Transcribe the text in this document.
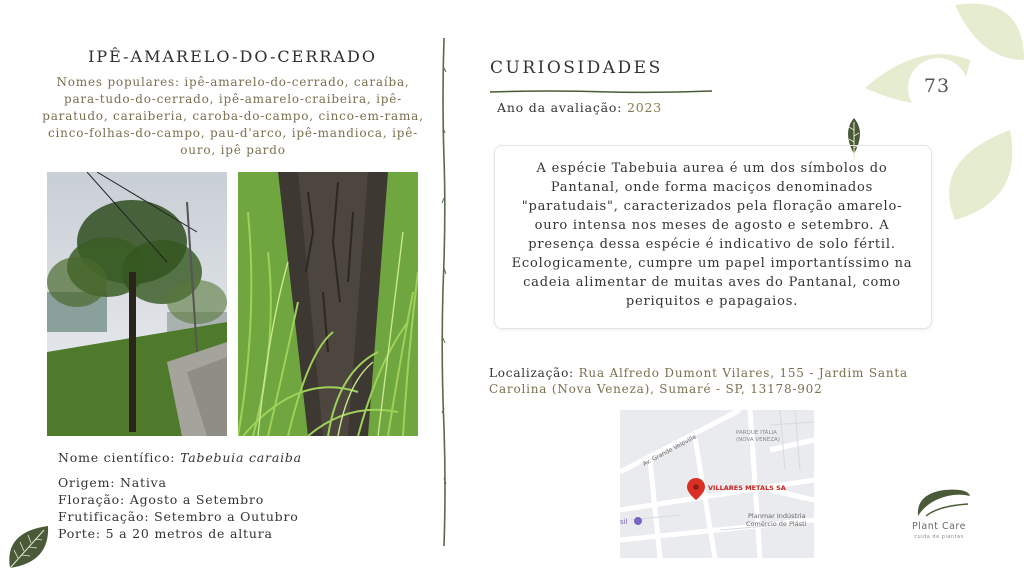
IPÊ-AMARELO-DO-CERRADO
Nomes populares: ipê-amarelo-do-cerrado, caraíba, para-tudo-do-cerrado, ipê-amarelo-craibeira, ipê-paratudo, caraiberia, caroba-do-campo, cinco-em-rama, cinco-folhas-do-campo, pau-d'arco, ipê-mandioca, ipê-ouro, ipê pardo
Nome científico: Tabebuia caraiba
Origem: Nativa
Floração: Agosto a Setembro
Frutificação: Setembro a Outubro
Porte: 5 a 20 metros de altura
CURIOSIDADES
Ano da avaliação: 2023
A espécie Tabebuia aurea é um dos símbolos do Pantanal, onde forma maciços denominados "paratudais", caracterizados pela floração amarelo-ouro intensa nos meses de agosto e setembro. A presença dessa espécie é indicativo de solo fértil. Ecologicamente, cumpre um papel importantíssimo na cadeia alimentar de muitas aves do Pantanal, como periquitos e papagaios.
Localização: Rua Alfredo Dumont Vilares, 155 - Jardim Santa Carolina (Nova Veneza), Sumaré - SP, 13178-902
Av. Grande Veloville
PARQUE ITÁLIA (NOVA VENEZA)
VILLARES METALS SA
Planmar Indústria Comércio de Plásti
sil
73
Plant Care
cuida de plantas
